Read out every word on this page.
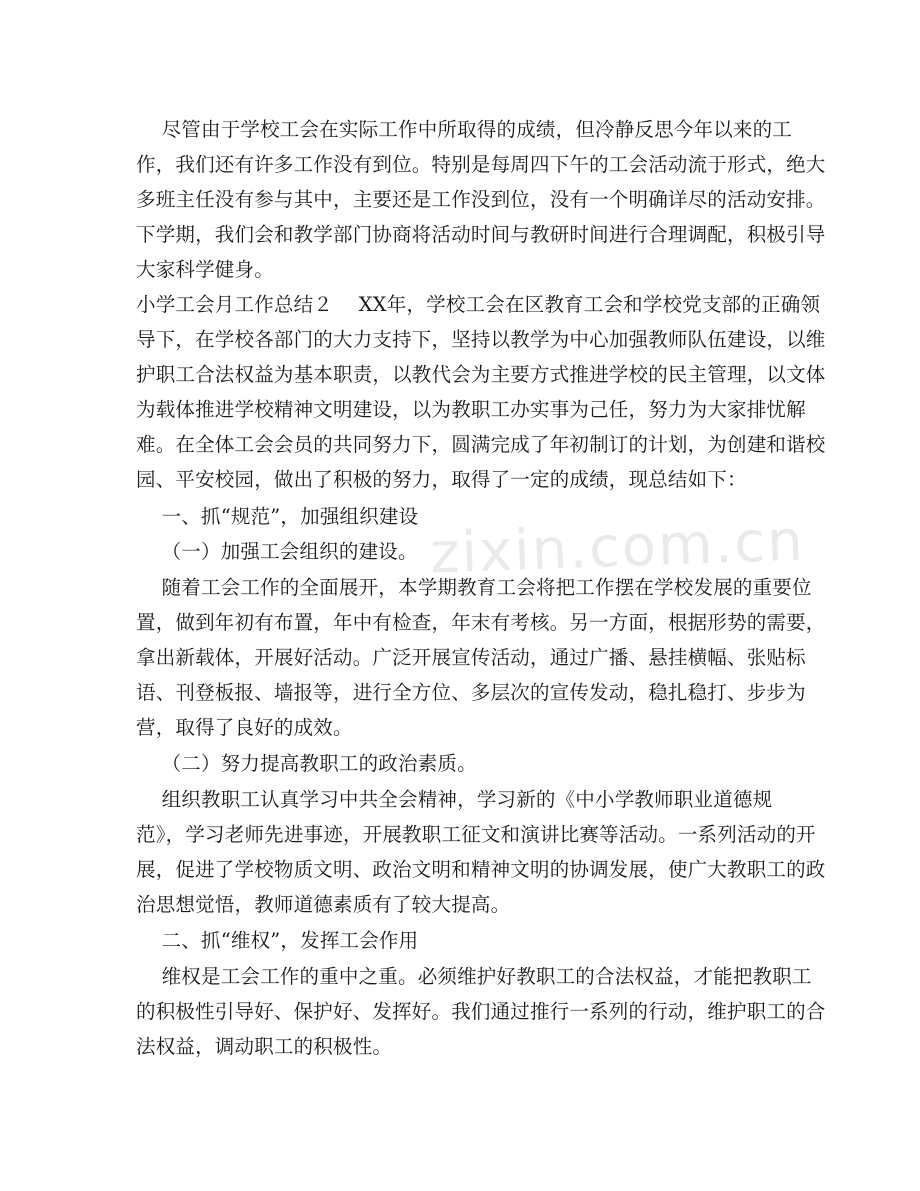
zixin.com.cn
尽管由于学校工会在实际工作中所取得的成绩，但冷静反思今年以来的工
作，我们还有许多工作没有到位。特别是每周四下午的工会活动流于形式，绝大
多班主任没有参与其中，主要还是工作没到位，没有一个明确详尽的活动安排。
下学期，我们会和教学部门协商将活动时间与教研时间进行合理调配，积极引导
大家科学健身。
小学工会月工作总结２    XX年，学校工会在区教育工会和学校党支部的正确领
导下，在学校各部门的大力支持下，坚持以教学为中心加强教师队伍建设，以维
护职工合法权益为基本职责，以教代会为主要方式推进学校的民主管理，以文体
为载体推进学校精神文明建设，以为教职工办实事为己任，努力为大家排忧解
难。在全体工会会员的共同努力下，圆满完成了年初制订的计划，为创建和谐校
园、平安校园，做出了积极的努力，取得了一定的成绩，现总结如下：
一、抓“规范”，加强组织建设
（一）加强工会组织的建设。
随着工会工作的全面展开，本学期教育工会将把工作摆在学校发展的重要位
置，做到年初有布置，年中有检查，年末有考核。另一方面，根据形势的需要，
拿出新载体，开展好活动。广泛开展宣传活动，通过广播、悬挂横幅、张贴标
语、刊登板报、墙报等，进行全方位、多层次的宣传发动，稳扎稳打、步步为
营，取得了良好的成效。
（二）努力提高教职工的政治素质。
组织教职工认真学习中共全会精神，学习新的《中小学教师职业道德规
范》，学习老师先进事迹，开展教职工征文和演讲比赛等活动。一系列活动的开
展，促进了学校物质文明、政治文明和精神文明的协调发展，使广大教职工的政
治思想觉悟，教师道德素质有了较大提高。
二、抓“维权”，发挥工会作用
维权是工会工作的重中之重。必须维护好教职工的合法权益，才能把教职工
的积极性引导好、保护好、发挥好。我们通过推行一系列的行动，维护职工的合
法权益，调动职工的积极性。
